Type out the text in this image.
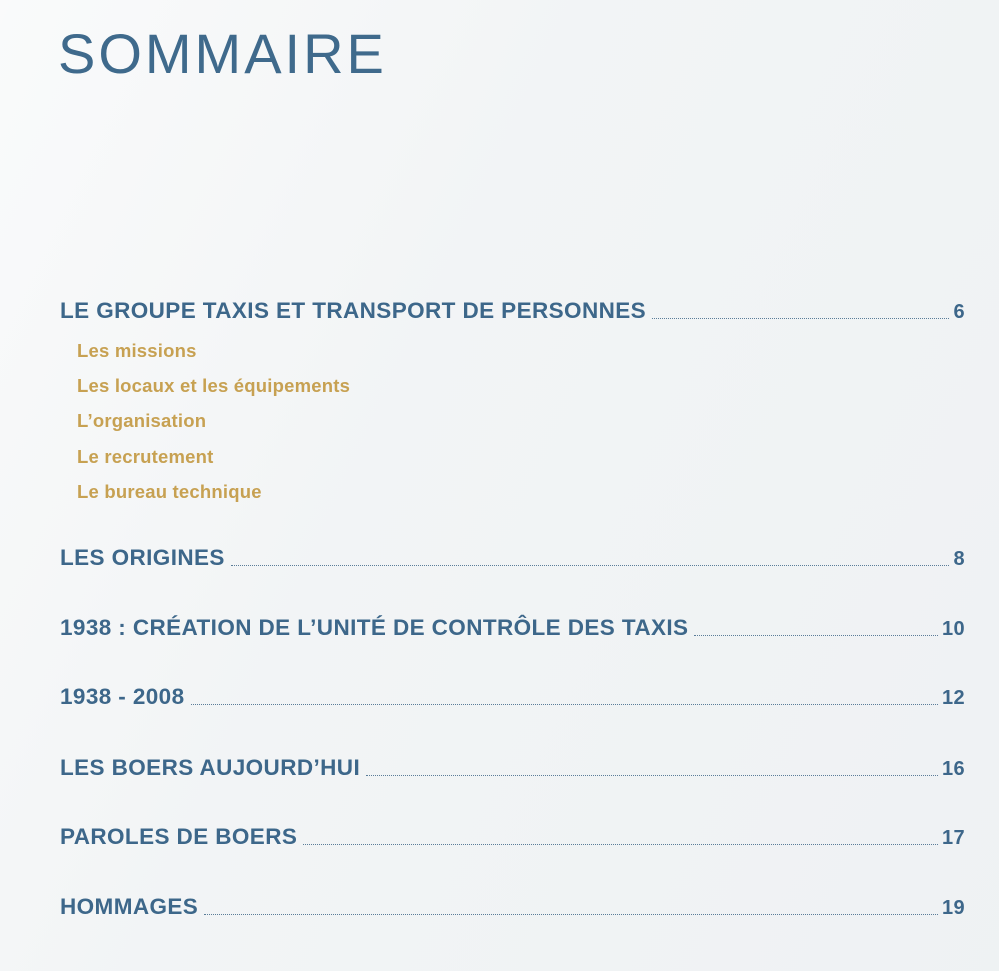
SOMMAIRE
LE GROUPE TAXIS ET TRANSPORT DE PERSONNES	6
Les missions
Les locaux et les équipements
L’organisation
Le recrutement
Le bureau technique
LES ORIGINES	8
1938 : CRÉATION DE L’UNITÉ DE CONTRÔLE DES TAXIS	10
1938 - 2008	12
LES BOERS AUJOURD’HUI	16
PAROLES DE BOERS	17
HOMMAGES	19
